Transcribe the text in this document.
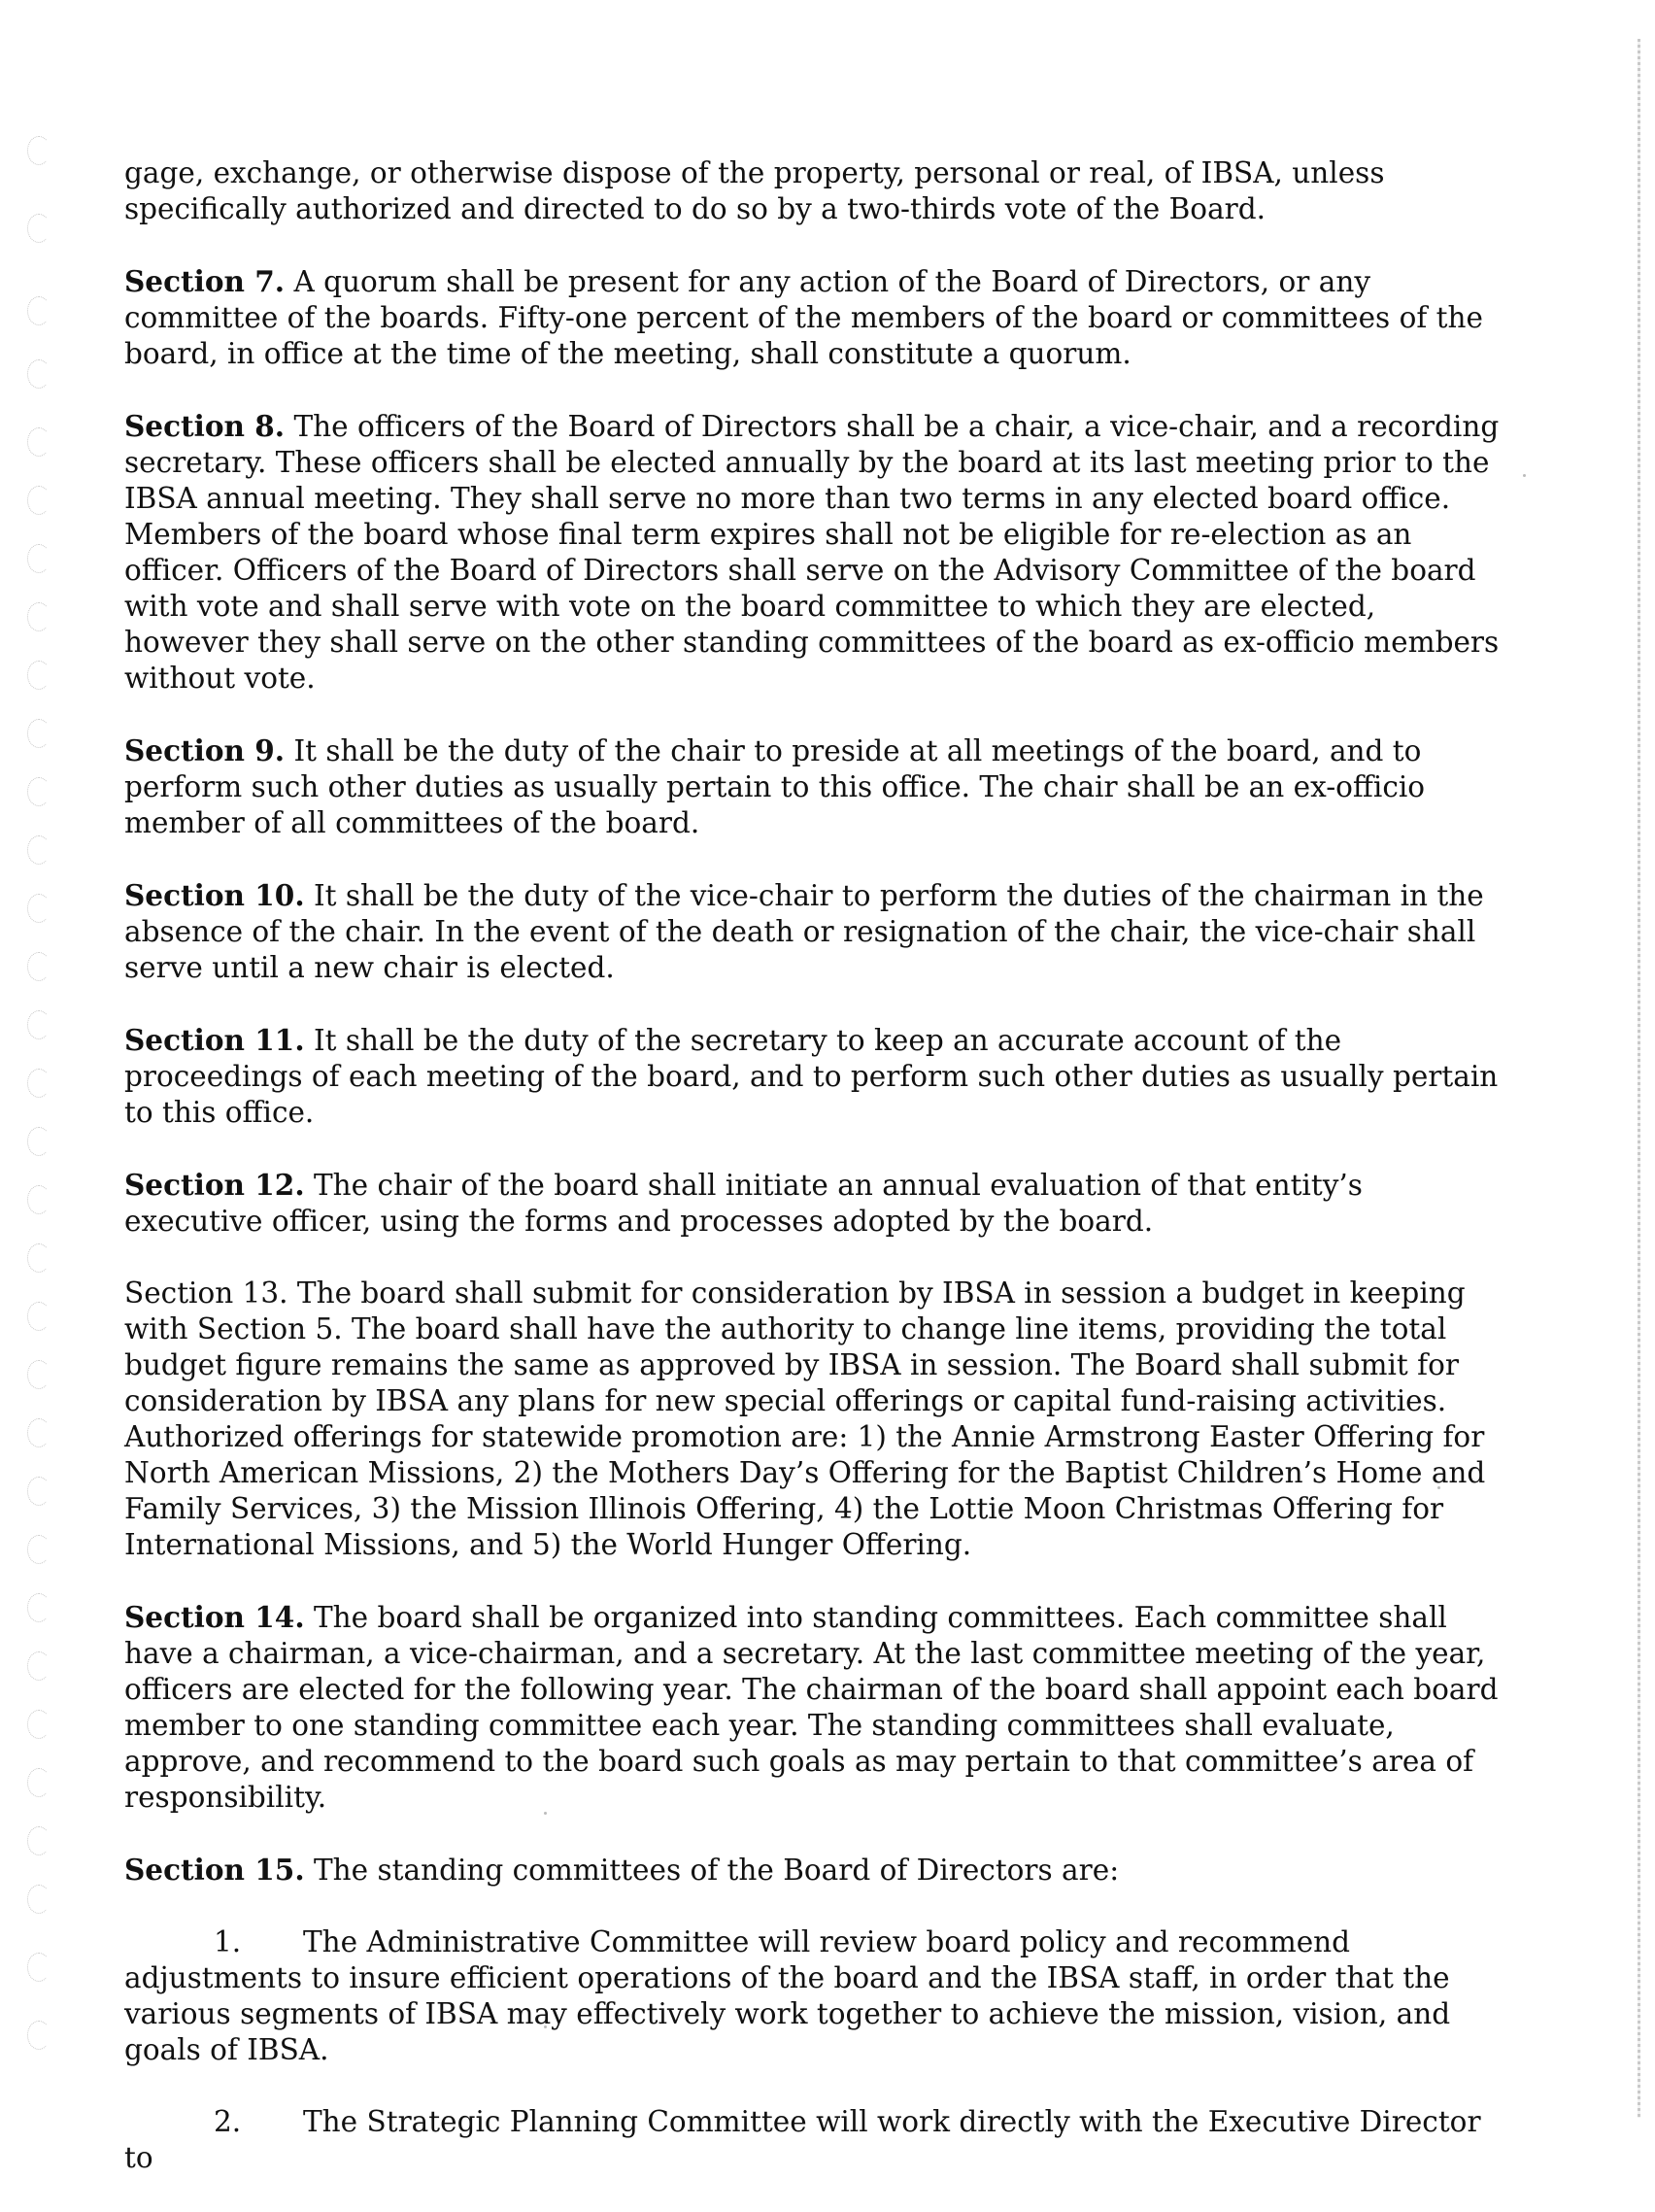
gage, exchange, or otherwise dispose of the property, personal or real, of IBSA, unless specifically authorized and directed to do so by a two-thirds vote of the Board.

Section 7. A quorum shall be present for any action of the Board of Directors, or any committee of the boards. Fifty-one percent of the members of the board or committees of the board, in office at the time of the meeting, shall constitute a quorum.

Section 8. The officers of the Board of Directors shall be a chair, a vice-chair, and a recording secretary. These officers shall be elected annually by the board at its last meeting prior to the IBSA annual meeting. They shall serve no more than two terms in any elected board office. Members of the board whose final term expires shall not be eligible for re-election as an officer. Officers of the Board of Directors shall serve on the Advisory Committee of the board with vote and shall serve with vote on the board committee to which they are elected, however they shall serve on the other standing committees of the board as ex-officio members without vote.

Section 9. It shall be the duty of the chair to preside at all meetings of the board, and to perform such other duties as usually pertain to this office. The chair shall be an ex-officio member of all committees of the board.

Section 10. It shall be the duty of the vice-chair to perform the duties of the chairman in the absence of the chair. In the event of the death or resignation of the chair, the vice-chair shall serve until a new chair is elected.

Section 11. It shall be the duty of the secretary to keep an accurate account of the proceedings of each meeting of the board, and to perform such other duties as usually pertain to this office.

Section 12. The chair of the board shall initiate an annual evaluation of that entity’s executive officer, using the forms and processes adopted by the board.

Section 13. The board shall submit for consideration by IBSA in session a budget in keeping with Section 5. The board shall have the authority to change line items, providing the total budget figure remains the same as approved by IBSA in session. The Board shall submit for consideration by IBSA any plans for new special offerings or capital fund-raising activities. Authorized offerings for statewide promotion are: 1) the Annie Armstrong Easter Offering for North American Missions, 2) the Mothers Day’s Offering for the Baptist Children’s Home and Family Services, 3) the Mission Illinois Offering, 4) the Lottie Moon Christmas Offering for International Missions, and 5) the World Hunger Offering.

Section 14. The board shall be organized into standing committees. Each committee shall have a chairman, a vice-chairman, and a secretary. At the last committee meeting of the year, officers are elected for the following year. The chairman of the board shall appoint each board member to one standing committee each year. The standing committees shall evaluate, approve, and recommend to the board such goals as may pertain to that committee’s area of responsibility.

Section 15. The standing committees of the Board of Directors are:

1. The Administrative Committee will review board policy and recommend adjustments to insure efficient operations of the board and the IBSA staff, in order that the various segments of IBSA may effectively work together to achieve the mission, vision, and goals of IBSA.

2. The Strategic Planning Committee will work directly with the Executive Director to
